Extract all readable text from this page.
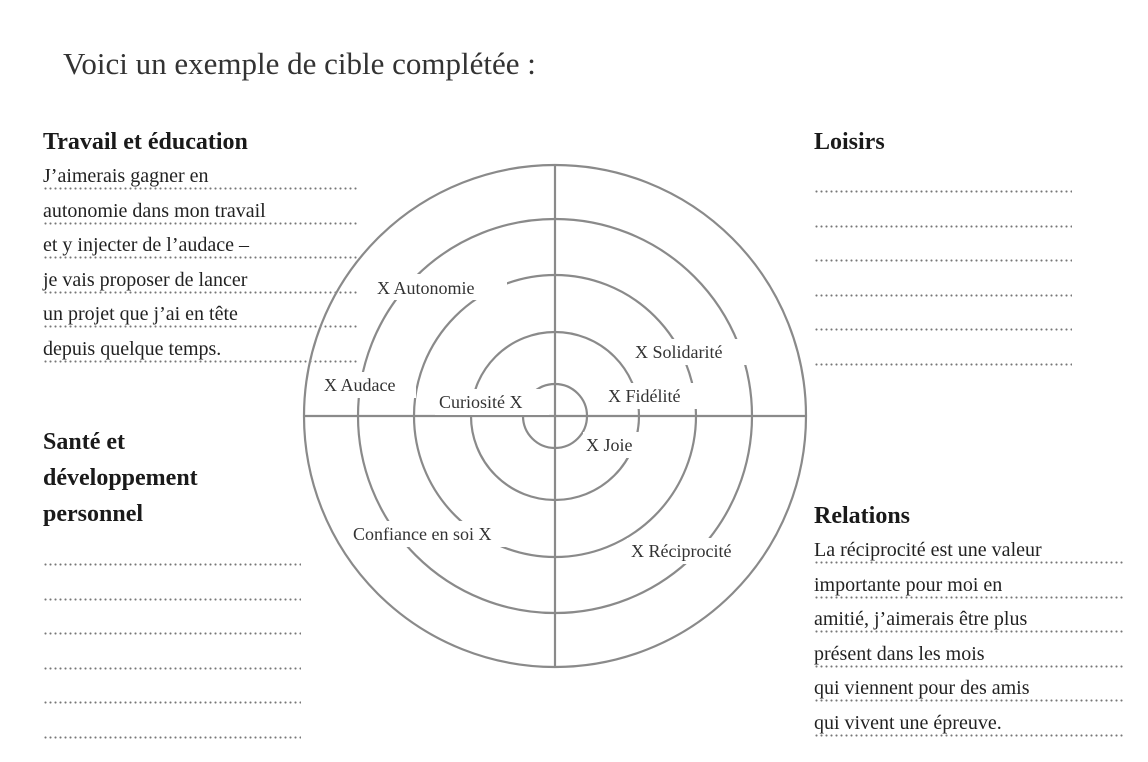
Voici un exemple de cible complétée :
Travail et éducation
J’aimerais gagner en
autonomie dans mon travail
et y injecter de l’audace –
je vais proposer de lancer
un projet que j’ai en tête
depuis quelque temps.
Loisirs
Santé et
développement
personnel	Relations
La réciprocité est une valeur
importante pour moi en
amitié, j’aimerais être plus
présent dans les mois
qui viennent pour des amis
qui vivent une épreuve.
X Autonomie
X Audace
Curiosité X
Confiance en soi X
X Solidarité
X Fidélité
X Joie
X Réciprocité
